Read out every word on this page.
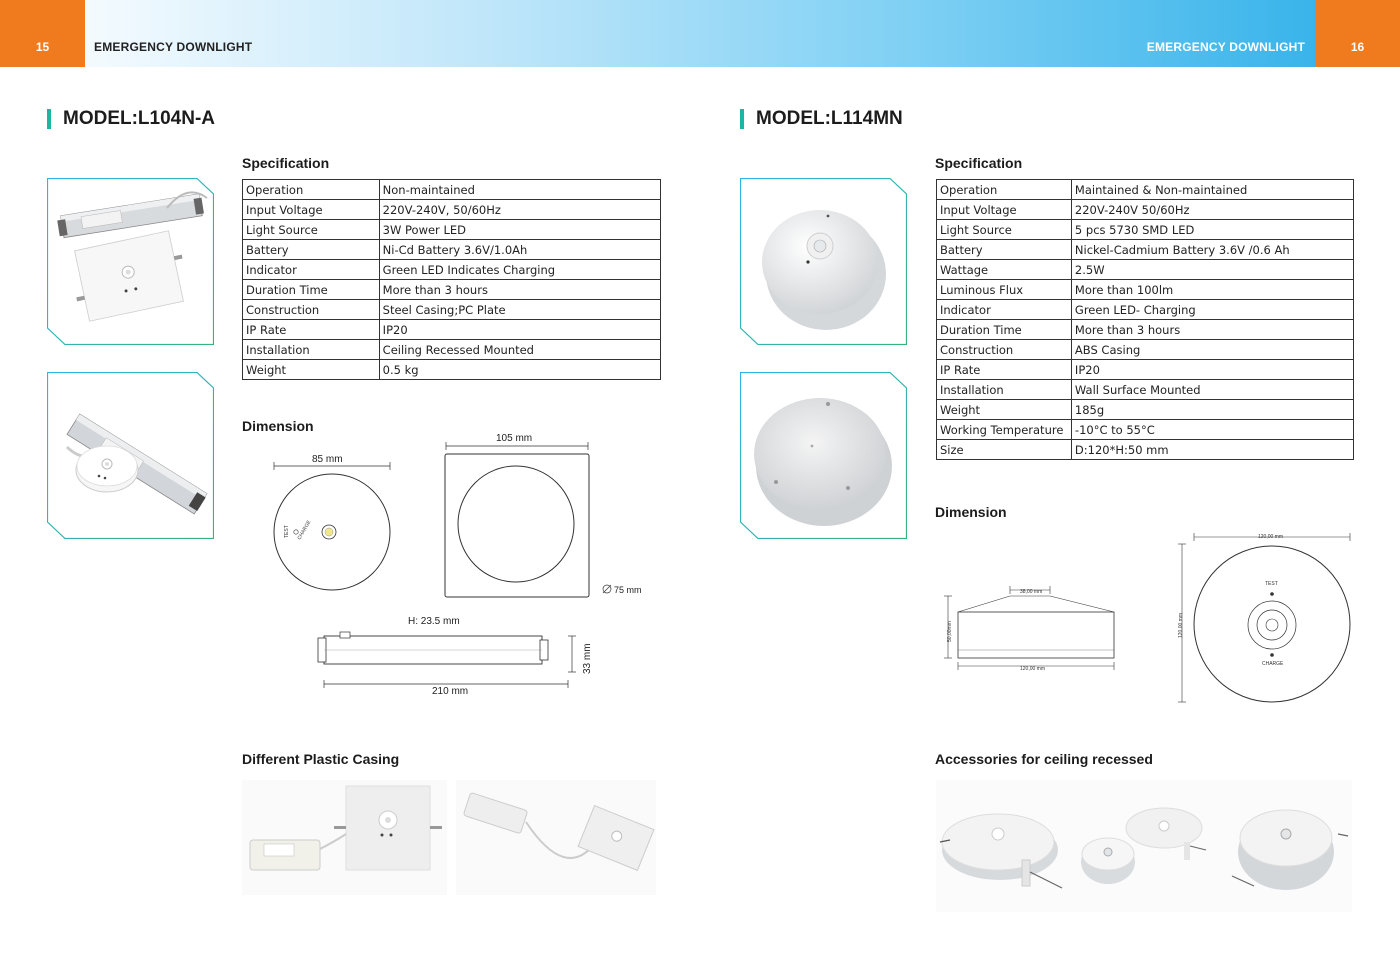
15	EMERGENCY DOWNLIGHT	EMERGENCY DOWNLIGHT	16
MODEL:L104N-A
Specification
Operation	Non-maintained
Input Voltage	220V-240V, 50/60Hz
Light Source	3W Power LED
Battery	Ni-Cd Battery 3.6V/1.0Ah
Indicator	Green LED Indicates Charging
Duration Time	More than 3 hours
Construction	Steel Casing;PC Plate
IP Rate	IP20
Installation	Ceiling Recessed Mounted
Weight	0.5 kg
Dimension
85 mm
TEST CHARGE
105 mm
75 mm
H: 23.5 mm
33 mm
210 mm
Different Plastic Casing
MODEL:L114MN
Specification
Operation	Maintained & Non-maintained
Input Voltage	220V-240V 50/60Hz
Light Source	5 pcs 5730 SMD LED
Battery	Nickel-Cadmium Battery 3.6V /0.6 Ah
Wattage	2.5W
Luminous Flux	More than 100lm
Indicator	Green LED- Charging
Duration Time	More than 3 hours
Construction	ABS Casing
IP Rate	IP20
Installation	Wall Surface Mounted
Weight	185g
Working Temperature	-10°C to 55°C
Size	D:120*H:50 mm
Dimension
38,00 mm
50,00mm
120,00 mm
120,00 mm
120,00 mm
TEST
CHARGE
Accessories for ceiling recessed
